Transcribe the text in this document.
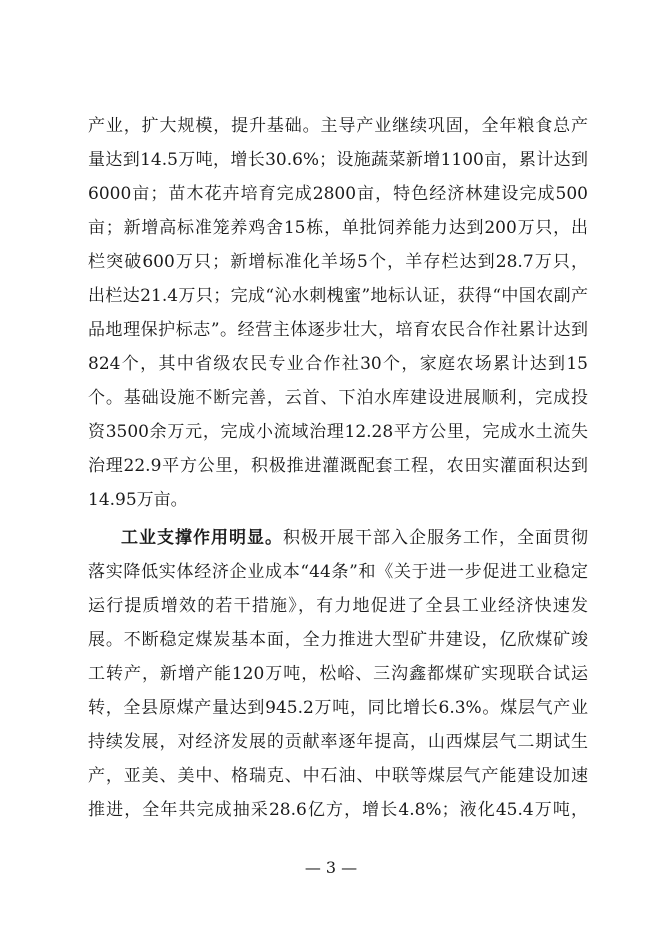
产业，扩大规模，提升基础。主导产业继续巩固，全年粮食总产
量达到14.5万吨，增长30.6%；设施蔬菜新增1100亩，累计达到
6000亩；苗木花卉培育完成2800亩，特色经济林建设完成500
亩；新增高标准笼养鸡舍15栋，单批饲养能力达到200万只，出
栏突破600万只；新增标准化羊场5个，羊存栏达到28.7万只，
出栏达21.4万只；完成“沁水刺槐蜜”地标认证，获得“中国农副产
品地理保护标志”。经营主体逐步壮大，培育农民合作社累计达到
824个，其中省级农民专业合作社30个，家庭农场累计达到15
个。基础设施不断完善，云首、下泊水库建设进展顺利，完成投
资3500余万元，完成小流域治理12.28平方公里，完成水土流失
治理22.9平方公里，积极推进灌溉配套工程，农田实灌面积达到
14.95万亩。
工业支撑作用明显。积极开展干部入企服务工作，全面贯彻
落实降低实体经济企业成本“44条”和《关于进一步促进工业稳定
运行提质增效的若干措施》，有力地促进了全县工业经济快速发
展。不断稳定煤炭基本面，全力推进大型矿井建设，亿欣煤矿竣
工转产，新增产能120万吨，松峪、三沟鑫都煤矿实现联合试运
转，全县原煤产量达到945.2万吨，同比增长6.3%。煤层气产业
持续发展，对经济发展的贡献率逐年提高，山西煤层气二期试生
产，亚美、美中、格瑞克、中石油、中联等煤层气产能建设加速
推进，全年共完成抽采28.6亿方，增长4.8%；液化45.4万吨，
— 3 —
